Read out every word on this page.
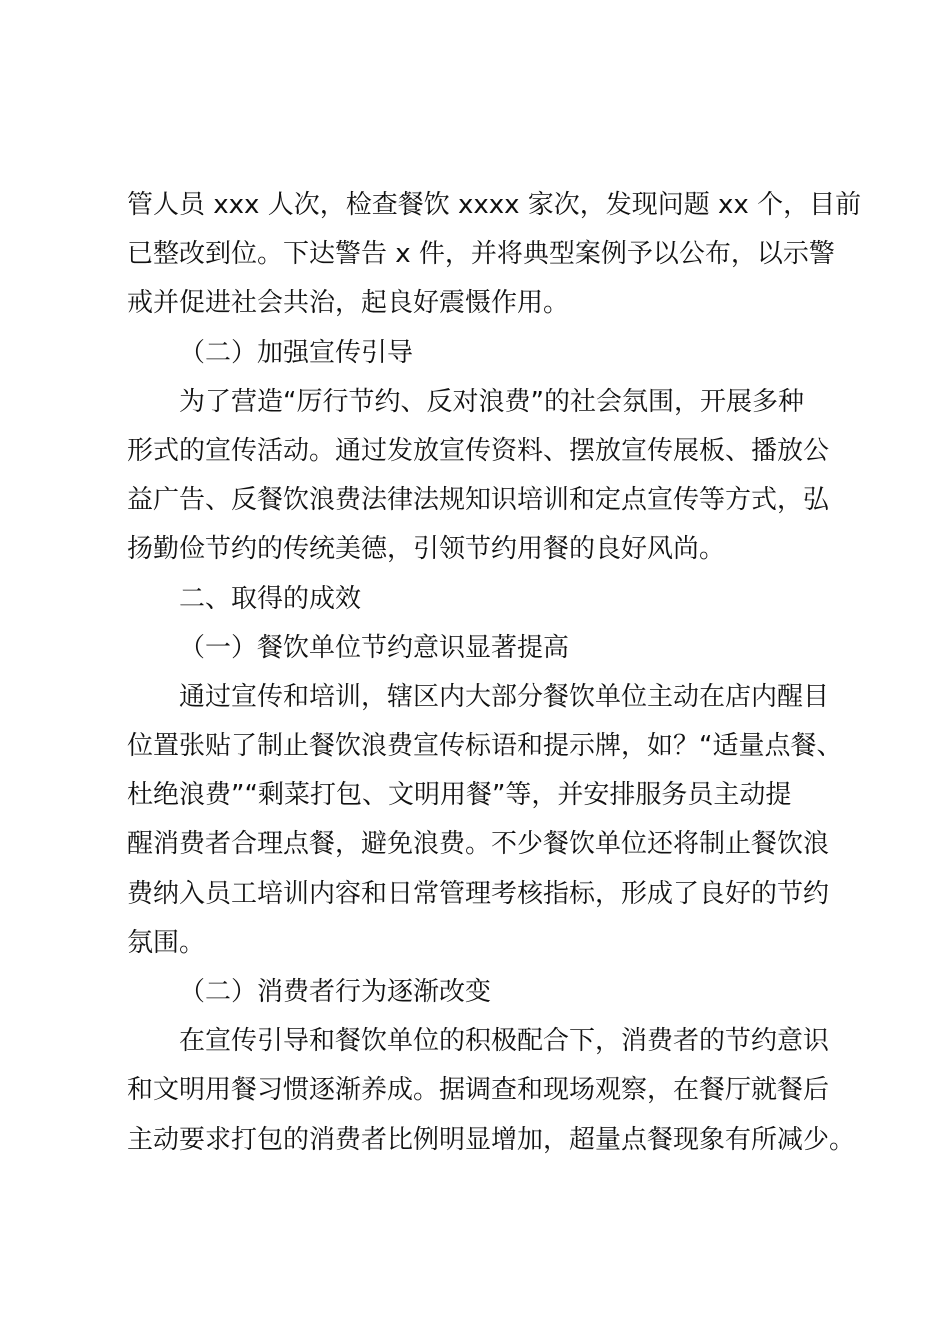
管人员 xxx 人次，检查餐饮 xxxx 家次，发现问题 xx 个，目前
已整改到位。下达警告 x 件，并将典型案例予以公布，以示警
戒并促进社会共治，起良好震慑作用。
（二）加强宣传引导
为了营造“厉行节约、反对浪费”的社会氛围，开展多种
形式的宣传活动。通过发放宣传资料、摆放宣传展板、播放公
益广告、反餐饮浪费法律法规知识培训和定点宣传等方式，弘
扬勤俭节约的传统美德，引领节约用餐的良好风尚。
二、取得的成效
（一）餐饮单位节约意识显著提高
通过宣传和培训，辖区内大部分餐饮单位主动在店内醒目
位置张贴了制止餐饮浪费宣传标语和提示牌，如？“适量点餐、
杜绝浪费”“剩菜打包、文明用餐”等，并安排服务员主动提
醒消费者合理点餐，避免浪费。不少餐饮单位还将制止餐饮浪
费纳入员工培训内容和日常管理考核指标，形成了良好的节约
氛围。
（二）消费者行为逐渐改变
在宣传引导和餐饮单位的积极配合下，消费者的节约意识
和文明用餐习惯逐渐养成。据调查和现场观察，在餐厅就餐后
主动要求打包的消费者比例明显增加，超量点餐现象有所减少。
